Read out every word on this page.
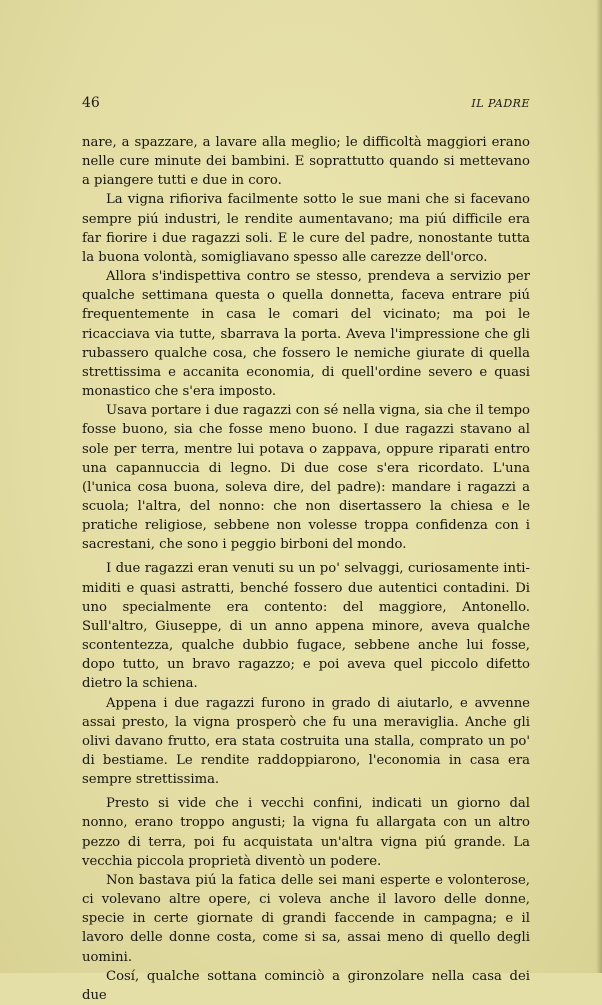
46	IL PADRE

nare, a spazzare, a lavare alla meglio; le difficoltà maggiori erano nelle cure minute dei bambini. E soprattutto quando si mettevano a piangere tutti e due in coro.

La vigna rifioriva facilmente sotto le sue mani che si facevano sempre piú industri, le rendite aumentavano; ma piú difficile era far fiorire i due ragazzi soli. E le cure del padre, nonostante tutta la buona volontà, somigliavano spesso alle carezze dell'orco.

Allora s'indispettiva contro se stesso, prendeva a servizio per qualche settimana questa o quella donnetta, faceva entrare piú frequentemente in casa le comari del vicinato; ma poi le ricacciava via tutte, sbarrava la porta. Aveva l'impressione che gli rubassero qualche cosa, che fossero le nemiche giurate di quella strettissima e accanita economia, di quell'ordine severo e quasi monastico che s'era imposto.

Usava portare i due ragazzi con sé nella vigna, sia che il tempo fosse buono, sia che fosse meno buono. I due ragazzi stavano al sole per terra, mentre lui potava o zappava, oppure riparati entro una capannuccia di legno. Di due cose s'era ricordato. L'una (l'unica cosa buona, soleva dire, del padre): mandare i ragazzi a scuola; l'altra, del nonno: che non disertassero la chiesa e le pratiche religiose, sebbene non volesse troppa confidenza con i sacrestani, che sono i peggio birboni del mondo.

I due ragazzi eran venuti su un po' selvaggi, curiosamente intimiditi e quasi astratti, benché fossero due autentici contadini. Di uno specialmente era contento: del maggiore, Antonello. Sull'altro, Giuseppe, di un anno appena minore, aveva qualche scontentezza, qualche dubbio fugace, sebbene anche lui fosse, dopo tutto, un bravo ragazzo; e poi aveva quel piccolo difetto dietro la schiena.

Appena i due ragazzi furono in grado di aiutarlo, e avvenne assai presto, la vigna prosperò che fu una meraviglia. Anche gli olivi davano frutto, era stata costruita una stalla, comprato un po' di bestiame. Le rendite raddoppiarono, l'economia in casa era sempre strettissima.

Presto si vide che i vecchi confini, indicati un giorno dal nonno, erano troppo angusti; la vigna fu allargata con un altro pezzo di terra, poi fu acquistata un'altra vigna piú grande. La vecchia piccola proprietà diventò un podere.

Non bastava piú la fatica delle sei mani esperte e volonterose, ci volevano altre opere, ci voleva anche il lavoro delle donne, specie in certe giornate di grandi faccende in campagna; e il lavoro delle donne costa, come si sa, assai meno di quello degli uomini.

Cosí, qualche sottana cominciò a gironzolare nella casa dei due
